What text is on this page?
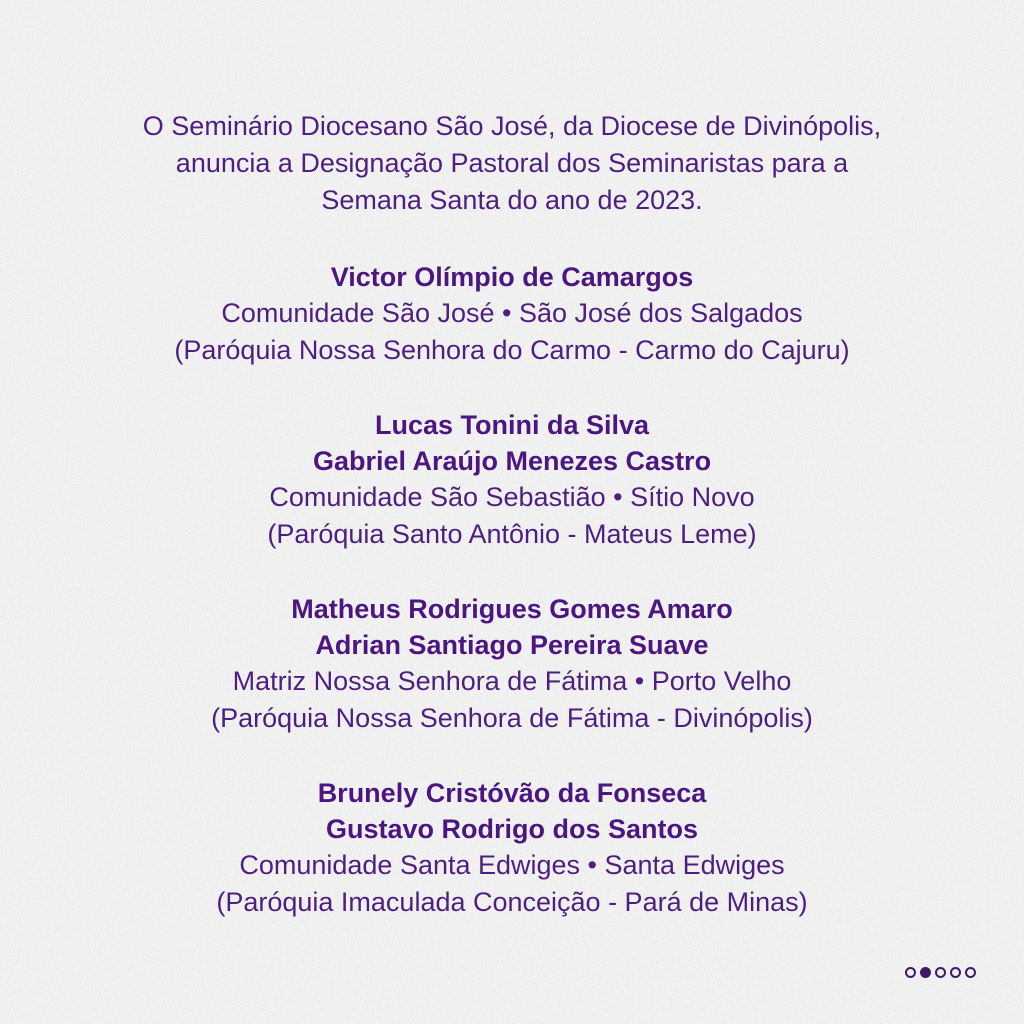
O Seminário Diocesano São José, da Diocese de Divinópolis,
anuncia a Designação Pastoral dos Seminaristas para a
Semana Santa do ano de 2023.
Victor Olímpio de Camargos
Comunidade São José • São José dos Salgados
(Paróquia Nossa Senhora do Carmo - Carmo do Cajuru)
Lucas Tonini da Silva
Gabriel Araújo Menezes Castro
Comunidade São Sebastião • Sítio Novo
(Paróquia Santo Antônio - Mateus Leme)
Matheus Rodrigues Gomes Amaro
Adrian Santiago Pereira Suave
Matriz Nossa Senhora de Fátima • Porto Velho
(Paróquia Nossa Senhora de Fátima - Divinópolis)
Brunely Cristóvão da Fonseca
Gustavo Rodrigo dos Santos
Comunidade Santa Edwiges • Santa Edwiges
(Paróquia Imaculada Conceição - Pará de Minas)
